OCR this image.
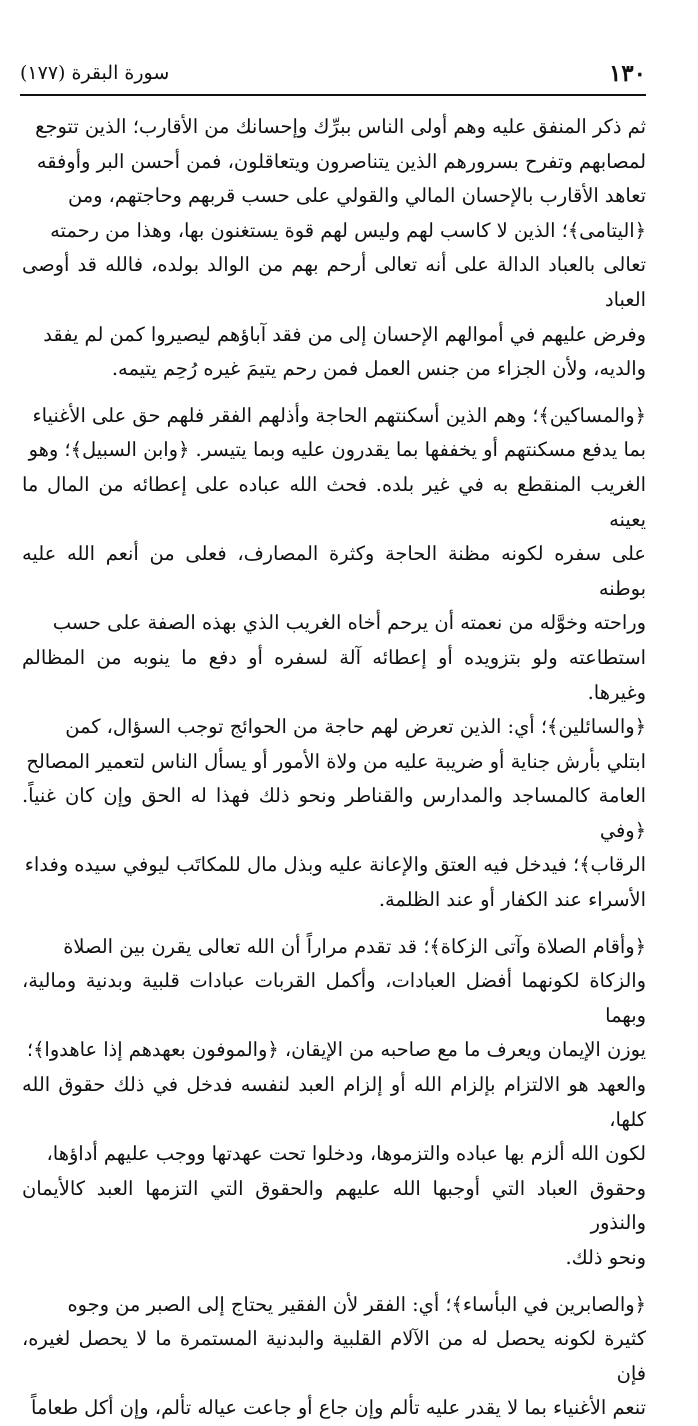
١٣٠
سورة البقرة (١٧٧)

ثم ذكر المنفق عليه وهم أولى الناس ببرِّك وإحسانك من الأقارب؛ الذين تتوجع
لمصابهم وتفرح بسرورهم الذين يتناصرون ويتعاقلون، فمن أحسن البر وأوفقه
تعاهد الأقارب بالإحسان المالي والقولي على حسب قربهم وحاجتهم، ومن
﴿اليتامى﴾؛ الذين لا كاسب لهم وليس لهم قوة يستغنون بها، وهذا من رحمته
تعالى بالعباد الدالة على أنه تعالى أرحم بهم من الوالد بولده، فالله قد أوصى العباد
وفرض عليهم في أموالهم الإحسان إلى من فقد آباؤهم ليصيروا كمن لم يفقد
والديه، ولأن الجزاء من جنس العمل فمن رحم يتيمَ غيره رُحِم يتيمه.

﴿والمساكين﴾؛ وهم الذين أسكنتهم الحاجة وأذلهم الفقر فلهم حق على الأغنياء
بما يدفع مسكنتهم أو يخففها بما يقدرون عليه وبما يتيسر. ﴿وابن السبيل﴾؛ وهو
الغريب المنقطع به في غير بلده. فحث الله عباده على إعطائه من المال ما يعينه
على سفره لكونه مظنة الحاجة وكثرة المصارف، فعلى من أنعم الله عليه بوطنه
وراحته وخوَّله من نعمته أن يرحم أخاه الغريب الذي بهذه الصفة على حسب
استطاعته ولو بتزويده أو إعطائه آلة لسفره أو دفع ما ينوبه من المظالم وغيرها.

﴿والسائلين﴾؛ أي: الذين تعرض لهم حاجة من الحوائج توجب السؤال، كمن
ابتلي بأرش جناية أو ضريبة عليه من ولاة الأمور أو يسأل الناس لتعمير المصالح
العامة كالمساجد والمدارس والقناطر ونحو ذلك فهذا له الحق وإن كان غنياً. ﴿وفي
الرقاب﴾؛ فيدخل فيه العتق والإعانة عليه وبذل مال للمكاتَب ليوفي سيده وفداء
الأسراء عند الكفار أو عند الظلمة.

﴿وأقام الصلاة وآتى الزكاة﴾؛ قد تقدم مراراً أن الله تعالى يقرن بين الصلاة
والزكاة لكونهما أفضل العبادات، وأكمل القربات عبادات قلبية وبدنية ومالية، وبهما
يوزن الإيمان ويعرف ما مع صاحبه من الإيقان، ﴿والموفون بعهدهم إذا عاهدوا﴾؛
والعهد هو الالتزام بإلزام الله أو إلزام العبد لنفسه فدخل في ذلك حقوق الله كلها،
لكون الله ألزم بها عباده والتزموها، ودخلوا تحت عهدتها ووجب عليهم أداؤها،
وحقوق العباد التي أوجبها الله عليهم والحقوق التي التزمها العبد كالأيمان والنذور
ونحو ذلك.

﴿والصابرين في البأساء﴾؛ أي: الفقر لأن الفقير يحتاج إلى الصبر من وجوه
كثيرة لكونه يحصل له من الآلام القلبية والبدنية المستمرة ما لا يحصل لغيره، فإن
تنعم الأغنياء بما لا يقدر عليه تألم وإن جاع أو جاعت عياله تألم، وإن أكل طعاماً
